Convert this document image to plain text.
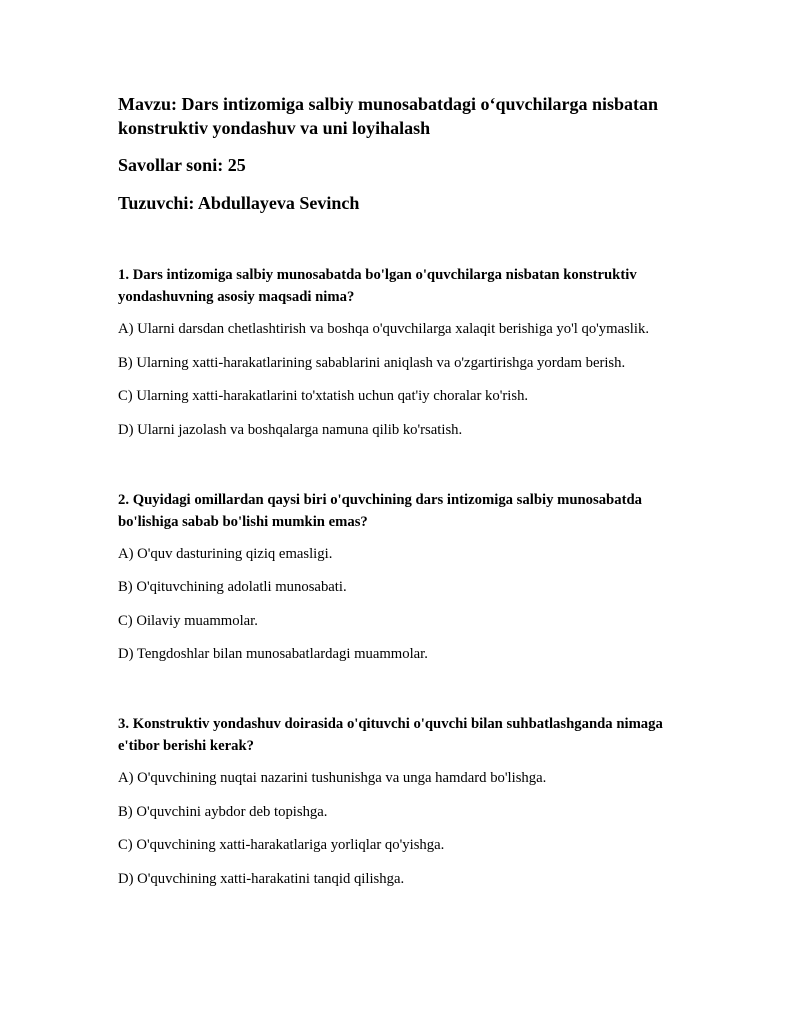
Mavzu: Dars intizomiga salbiy munosabatdagi o‘quvchilarga nisbatan konstruktiv yondashuv va uni loyihalash

Savollar soni: 25

Tuzuvchi: Abdullayeva Sevinch

1. Dars intizomiga salbiy munosabatda bo'lgan o'quvchilarga nisbatan konstruktiv yondashuvning asosiy maqsadi nima?

A) Ularni darsdan chetlashtirish va boshqa o'quvchilarga xalaqit berishiga yo'l qo'ymaslik.
B) Ularning xatti-harakatlarining sabablarini aniqlash va o'zgartirishga yordam berish.
C) Ularning xatti-harakatlarini to'xtatish uchun qat'iy choralar ko'rish.
D) Ularni jazolash va boshqalarga namuna qilib ko'rsatish.

2. Quyidagi omillardan qaysi biri o'quvchining dars intizomiga salbiy munosabatda bo'lishiga sabab bo'lishi mumkin emas?

A) O'quv dasturining qiziq emasligi.
B) O'qituvchining adolatli munosabati.
C) Oilaviy muammolar.
D) Tengdoshlar bilan munosabatlardagi muammolar.

3. Konstruktiv yondashuv doirasida o'qituvchi o'quvchi bilan suhbatlashganda nimaga e'tibor berishi kerak?

A) O'quvchining nuqtai nazarini tushunishga va unga hamdard bo'lishga.
B) O'quvchini aybdor deb topishga.
C) O'quvchining xatti-harakatlariga yorliqlar qo'yishga.
D) O'quvchining xatti-harakatini tanqid qilishga.
